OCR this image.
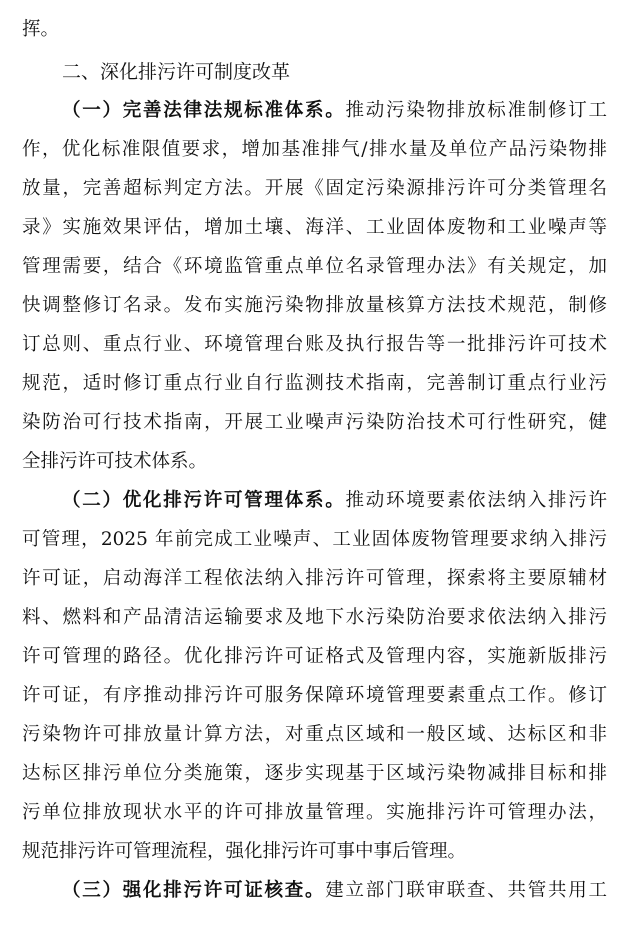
挥。
二、深化排污许可制度改革
（一）完善法律法规标准体系。推动污染物排放标准制修订工
作，优化标准限值要求，增加基准排气/排水量及单位产品污染物排
放量，完善超标判定方法。开展《固定污染源排污许可分类管理名
录》实施效果评估，增加土壤、海洋、工业固体废物和工业噪声等
管理需要，结合《环境监管重点单位名录管理办法》有关规定，加
快调整修订名录。发布实施污染物排放量核算方法技术规范，制修
订总则、重点行业、环境管理台账及执行报告等一批排污许可技术
规范，适时修订重点行业自行监测技术指南，完善制订重点行业污
染防治可行技术指南，开展工业噪声污染防治技术可行性研究，健
全排污许可技术体系。
（二）优化排污许可管理体系。推动环境要素依法纳入排污许
可管理，2025 年前完成工业噪声、工业固体废物管理要求纳入排污
许可证，启动海洋工程依法纳入排污许可管理，探索将主要原辅材
料、燃料和产品清洁运输要求及地下水污染防治要求依法纳入排污
许可管理的路径。优化排污许可证格式及管理内容，实施新版排污
许可证，有序推动排污许可服务保障环境管理要素重点工作。修订
污染物许可排放量计算方法，对重点区域和一般区域、达标区和非
达标区排污单位分类施策，逐步实现基于区域污染物减排目标和排
污单位排放现状水平的许可排放量管理。实施排污许可管理办法，
规范排污许可管理流程，强化排污许可事中事后管理。
（三）强化排污许可证核查。建立部门联审联查、共管共用工
